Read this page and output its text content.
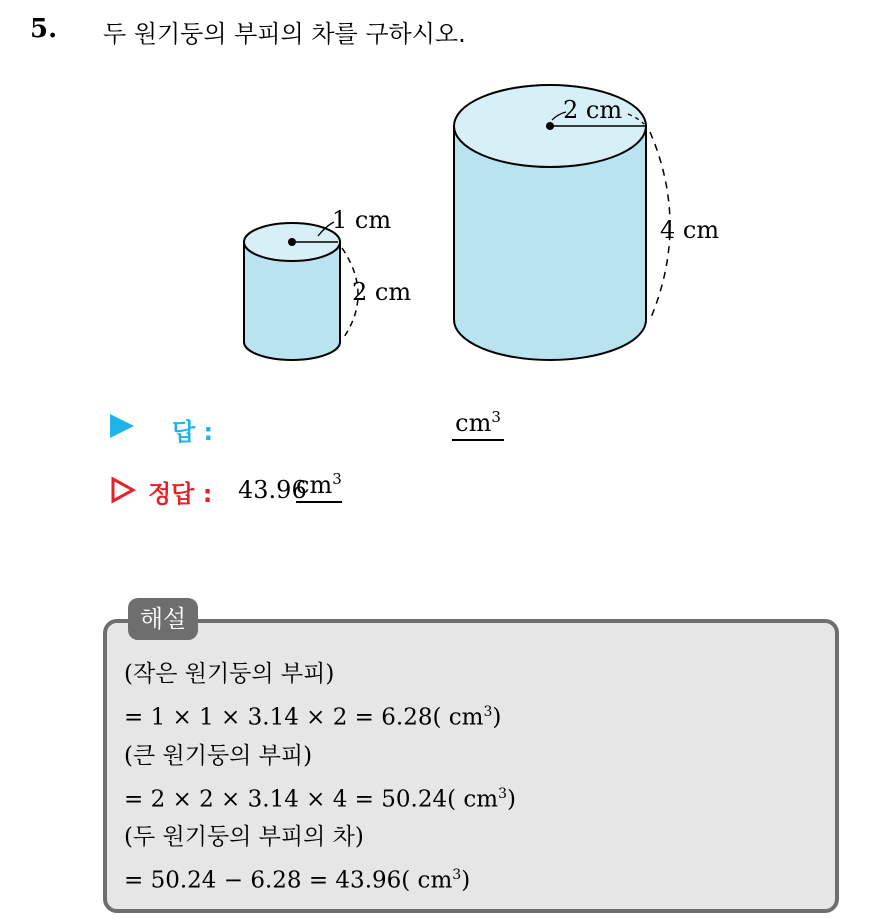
5. 두 원기둥의 부피의 차를 구하시오.
1 cm
2 cm
2 cm
4 cm
답 :	$cm^3$
정답 : 43.96
$cm^3$
해설
(작은 원기둥의 부피)
= 1 × 1 × 3.14 × 2 = 6.28( $cm^3$)
(큰 원기둥의 부피)
= 2 × 2 × 3.14 × 4 = 50.24( $cm^3$)
(두 원기둥의 부피의 차)
= 50.24 − 6.28 = 43.96( $cm^3$)
